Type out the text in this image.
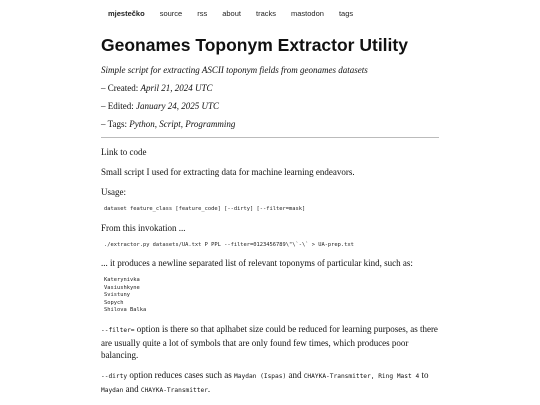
mjestečko source rss about tracks mastodon tags
Geonames Toponym Extractor Utility

Simple script for extracting ASCII toponym fields from geonames datasets

– Created: April 21, 2024 UTC
– Edited: January 24, 2025 UTC
– Tags: Python, Script, Programming

Link to code

Small script I used for extracting data for machine learning endeavors.

Usage:

dataset feature_class [feature_code] [--dirty] [--filter=mask]

From this invokation ...

./extractor.py datasets/UA.txt P PPL --filter=0123456789\"\`-\` > UA-prep.txt

... it produces a newline separated list of relevant toponyms of particular kind, such as:

Katerynivka
Vasiushkyne
Svistuny
Sopych
Shilova Balka

--filter= option is there so that aplhabet size could be reduced for learning purposes, as there are usually quite a lot of symbols that are only found few times, which produces poor balancing.

--dirty option reduces cases such as Maydan (Ispas) and CHAYKA-Transmitter, Ring Mast 4 to Maydan and CHAYKA-Transmitter.
